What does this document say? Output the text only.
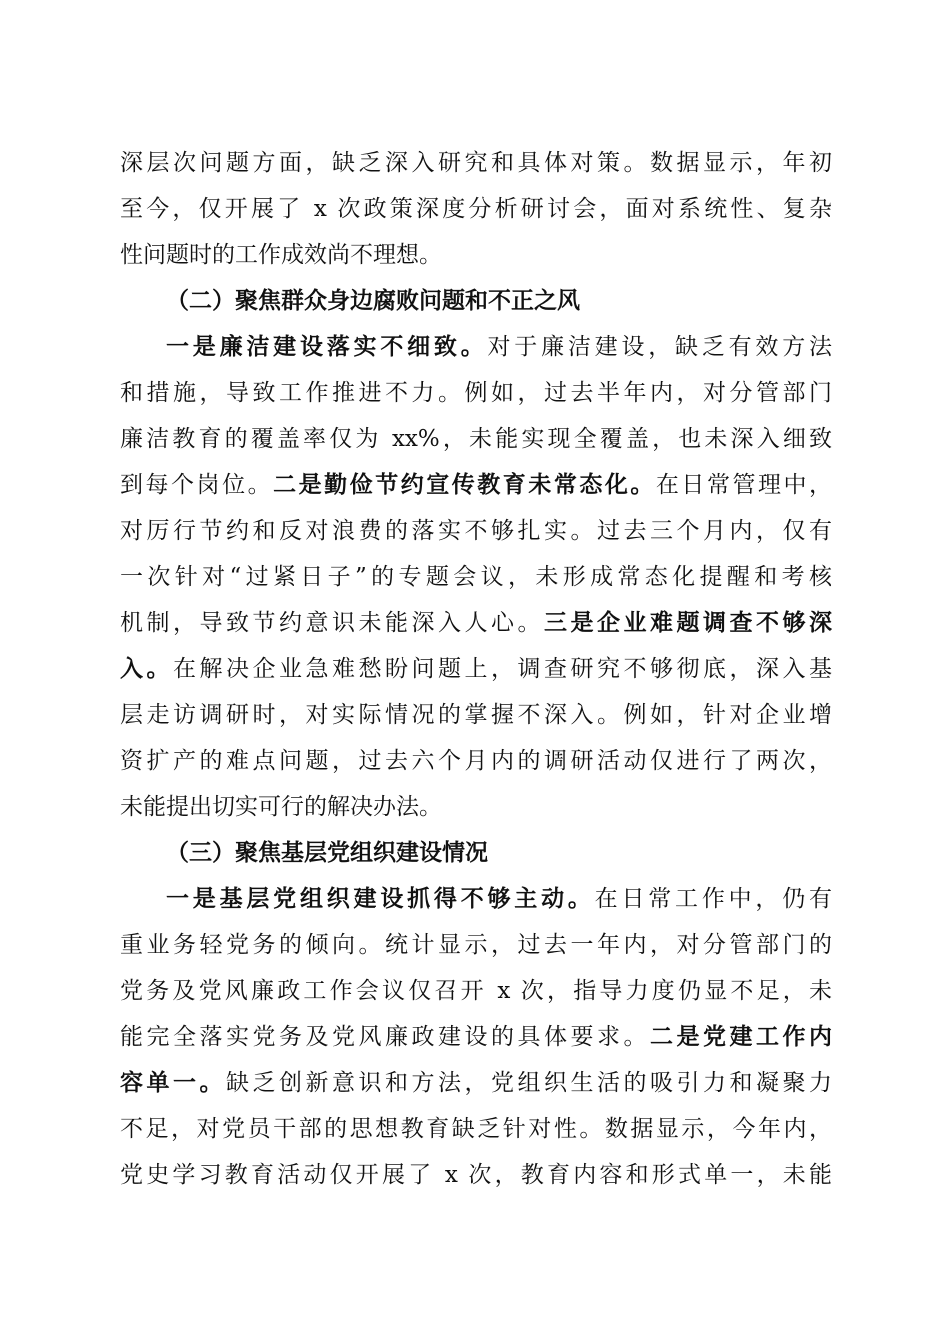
深层次问题方面，缺乏深入研究和具体对策。数据显示，年初
至今，仅开展了 x 次政策深度分析研讨会，面对系统性、复杂
性问题时的工作成效尚不理想。
（二）聚焦群众身边腐败问题和不正之风
一是廉洁建设落实不细致。对于廉洁建设，缺乏有效方法
和措施，导致工作推进不力。例如，过去半年内，对分管部门
廉洁教育的覆盖率仅为 xx%，未能实现全覆盖，也未深入细致
到每个岗位。二是勤俭节约宣传教育未常态化。在日常管理中，
对厉行节约和反对浪费的落实不够扎实。过去三个月内，仅有
一次针对“过紧日子”的专题会议，未形成常态化提醒和考核
机制，导致节约意识未能深入人心。三是企业难题调查不够深
入。在解决企业急难愁盼问题上，调查研究不够彻底，深入基
层走访调研时，对实际情况的掌握不深入。例如，针对企业增
资扩产的难点问题，过去六个月内的调研活动仅进行了两次，
未能提出切实可行的解决办法。
（三）聚焦基层党组织建设情况
一是基层党组织建设抓得不够主动。在日常工作中，仍有
重业务轻党务的倾向。统计显示，过去一年内，对分管部门的
党务及党风廉政工作会议仅召开 x 次，指导力度仍显不足，未
能完全落实党务及党风廉政建设的具体要求。二是党建工作内
容单一。缺乏创新意识和方法，党组织生活的吸引力和凝聚力
不足，对党员干部的思想教育缺乏针对性。数据显示，今年内，
党史学习教育活动仅开展了 x 次，教育内容和形式单一，未能
